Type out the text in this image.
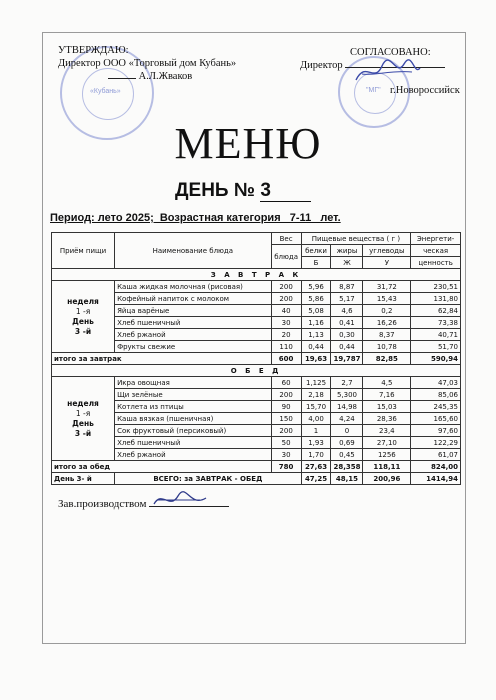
«Кубань»	"МГ"
УТВЕРЖДАЮ:
Директор ООО «Торговый дом Кубань»
А.Л.Жваков
СОГЛАСОВАНО:
Директор
г.Новороссийск
МЕНЮ
ДЕНЬ № 3
Период: лето 2025;  Возрастная категория   7-11   лет.
Приём пищи	Наименование блюда	Вес	Пищевые вещества ( г )			Энергети-
		блюда	белки	жиры	углеводы	ческая
			Б	Ж	У	ценность
З А В Т Р А К						

неделя
1 -я
День
3 -й	Каша жидкая молочная (рисовая)	200	5,96	8,87	31,72	230,51
	Кофейный напиток с молоком	200	5,86	5,17	15,43	131,80
	Яйца варёные	40	5,08	4,6	0,2	62,84
	Хлеб пшеничный	30	1,16	0,41	16,26	73,38
	Хлеб ржаной	20	1,13	0,30	8,37	40,71
	Фрукты свежие	110	0,44	0,44	10,78	51,70
итого за завтрак		600	19,63	19,787	82,85	590,94
О Б Е Д						

неделя
1 -я
День
3 -й	Икра овощная	60	1,125	2,7	4,5	47,03
	Щи зелёные	200	2,18	5,300	7,16	85,06
	Котлета из птицы	90	15,70	14,98	15,03	245,35
	Каша вязкая (пшеничная)	150	4,00	4,24	28,36	165,60
	Сок фруктовый (персиковый)	200	1	0	23,4	97,60
	Хлеб пшеничный	50	1,93	0,69	27,10	122,29
	Хлеб ржаной	30	1,70	0,45	1256	61,07
итого за обед		780	27,63	28,358	118,11	824,00
День 3- й	ВСЕГО: за ЗАВТРАК - ОБЕД		47,25	48,15	200,96	1414,94
Зав.производством
